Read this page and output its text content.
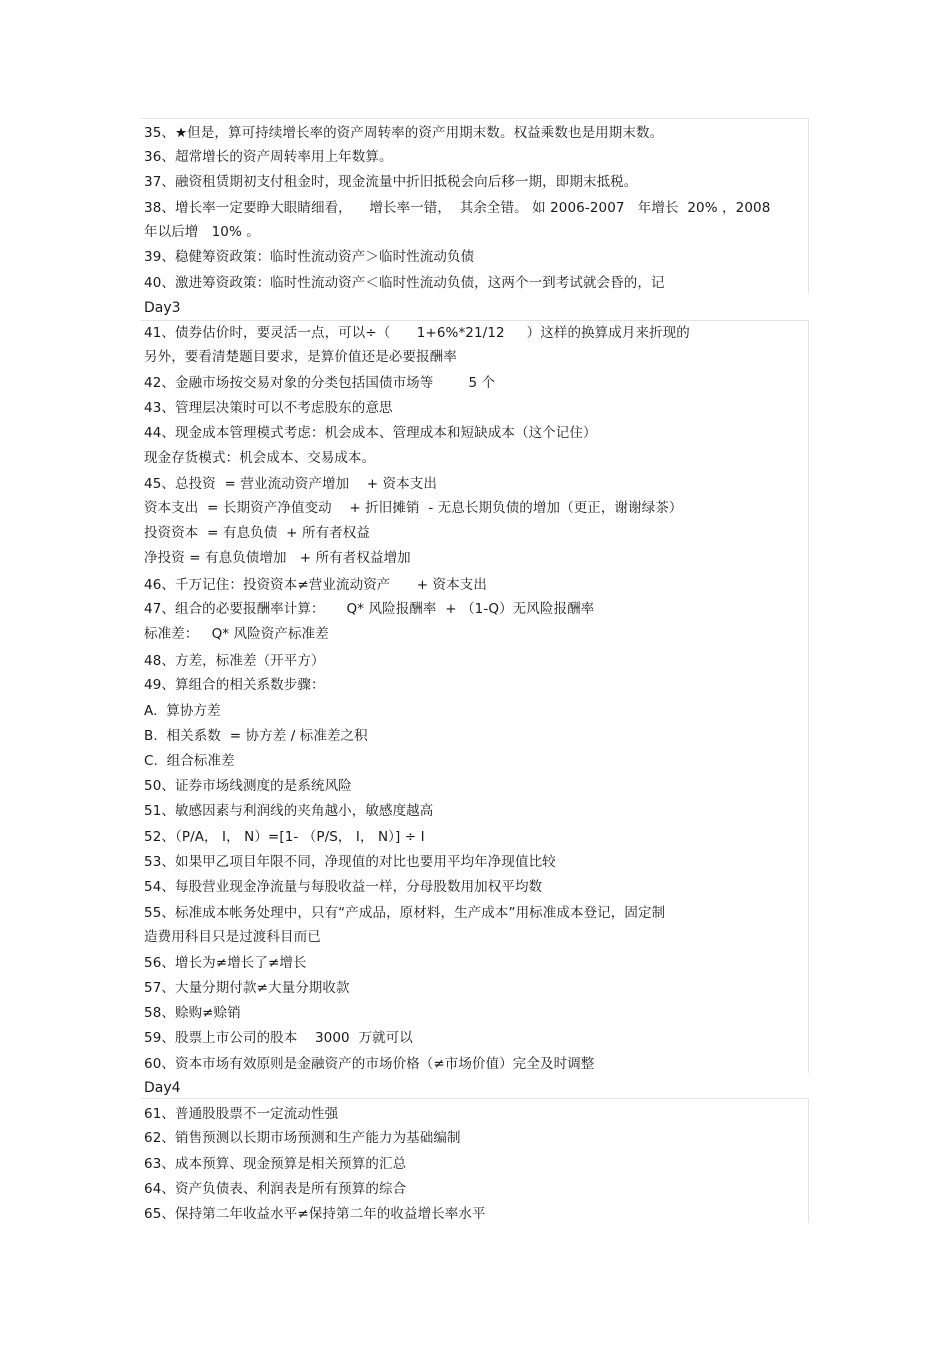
35、★但是，算可持续增长率的资产周转率的资产用期末数。权益乘数也是用期末数。
36、超常增长的资产周转率用上年数算。
37、融资租赁期初支付租金时，现金流量中折旧抵税会向后移一期，即期末抵税。
38、增长率一定要睁大眼睛细看，    增长率一错，  其余全错。 如 2006-2007   年增长  20% ，2008
年以后增   10% 。
39、稳健筹资政策：临时性流动资产＞临时性流动负债
40、激进筹资政策：临时性流动资产＜临时性流动负债，这两个一到考试就会昏的，记
Day3
41、债券估价时，要灵活一点，可以÷（      1+6%*21/12     ）这样的换算成月来折现的
另外，要看清楚题目要求，是算价值还是必要报酬率
42、金融市场按交易对象的分类包括国债市场等        5 个
43、管理层决策时可以不考虑股东的意思
44、现金成本管理模式考虑：机会成本、管理成本和短缺成本（这个记住）
现金存货模式：机会成本、交易成本。
45、总投资  = 营业流动资产增加    + 资本支出
资本支出  = 长期资产净值变动    + 折旧摊销  - 无息长期负债的增加（更正，谢谢绿茶）
投资资本  = 有息负债  + 所有者权益
净投资 = 有息负债增加   + 所有者权益增加
46、千万记住：投资资本≠营业流动资产      + 资本支出
47、组合的必要报酬率计算：     Q* 风险报酬率  + （1-Q）无风险报酬率
标准差：   Q* 风险资产标准差
48、方差，标准差（开平方）
49、算组合的相关系数步骤：
A.  算协方差
B.  相关系数  = 协方差 / 标准差之积
C.  组合标准差
50、证券市场线测度的是系统风险
51、敏感因素与利润线的夹角越小，敏感度越高
52、（P/A， I， N）=[1- （P/S， I， N）] ÷ I
53、如果甲乙项目年限不同，净现值的对比也要用平均年净现值比较
54、每股营业现金净流量与每股收益一样，分母股数用加权平均数
55、标准成本帐务处理中，只有“产成品，原材料，生产成本”用标准成本登记，固定制
造费用科目只是过渡科目而已
56、增长为≠增长了≠增长
57、大量分期付款≠大量分期收款
58、赊购≠赊销
59、股票上市公司的股本    3000  万就可以
60、资本市场有效原则是金融资产的市场价格（≠市场价值）完全及时调整
Day4
61、普通股股票不一定流动性强
62、销售预测以长期市场预测和生产能力为基础编制
63、成本预算、现金预算是相关预算的汇总
64、资产负债表、利润表是所有预算的综合
65、保持第二年收益水平≠保持第二年的收益增长率水平
